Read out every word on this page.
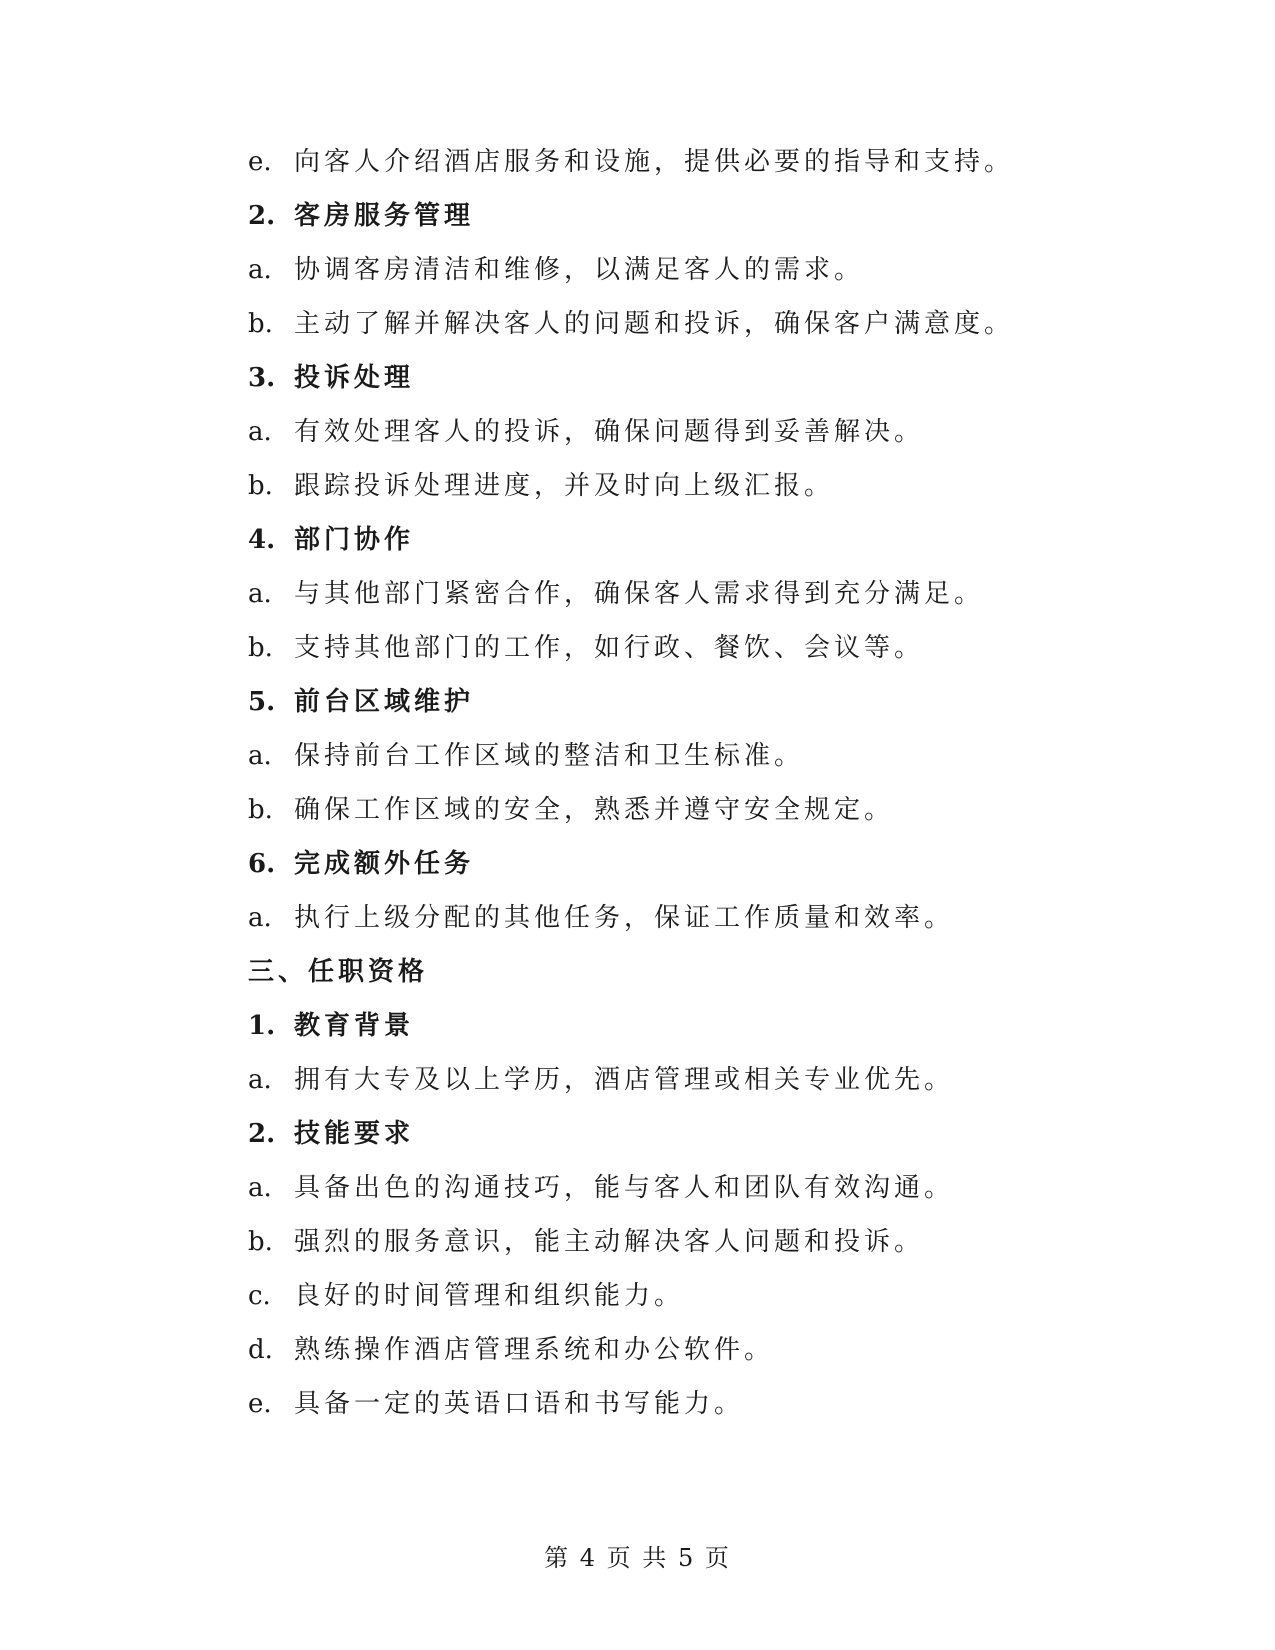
e. 向客人介绍酒店服务和设施，提供必要的指导和支持。
2. 客房服务管理
a. 协调客房清洁和维修，以满足客人的需求。
b. 主动了解并解决客人的问题和投诉，确保客户满意度。
3. 投诉处理
a. 有效处理客人的投诉，确保问题得到妥善解决。
b. 跟踪投诉处理进度，并及时向上级汇报。
4. 部门协作
a. 与其他部门紧密合作，确保客人需求得到充分满足。
b. 支持其他部门的工作，如行政、餐饮、会议等。
5. 前台区域维护
a. 保持前台工作区域的整洁和卫生标准。
b. 确保工作区域的安全，熟悉并遵守安全规定。
6. 完成额外任务
a. 执行上级分配的其他任务，保证工作质量和效率。
三、任职资格
1. 教育背景
a. 拥有大专及以上学历，酒店管理或相关专业优先。
2. 技能要求
a. 具备出色的沟通技巧，能与客人和团队有效沟通。
b. 强烈的服务意识，能主动解决客人问题和投诉。
c. 良好的时间管理和组织能力。
d. 熟练操作酒店管理系统和办公软件。
e. 具备一定的英语口语和书写能力。
第 4 页 共 5 页
